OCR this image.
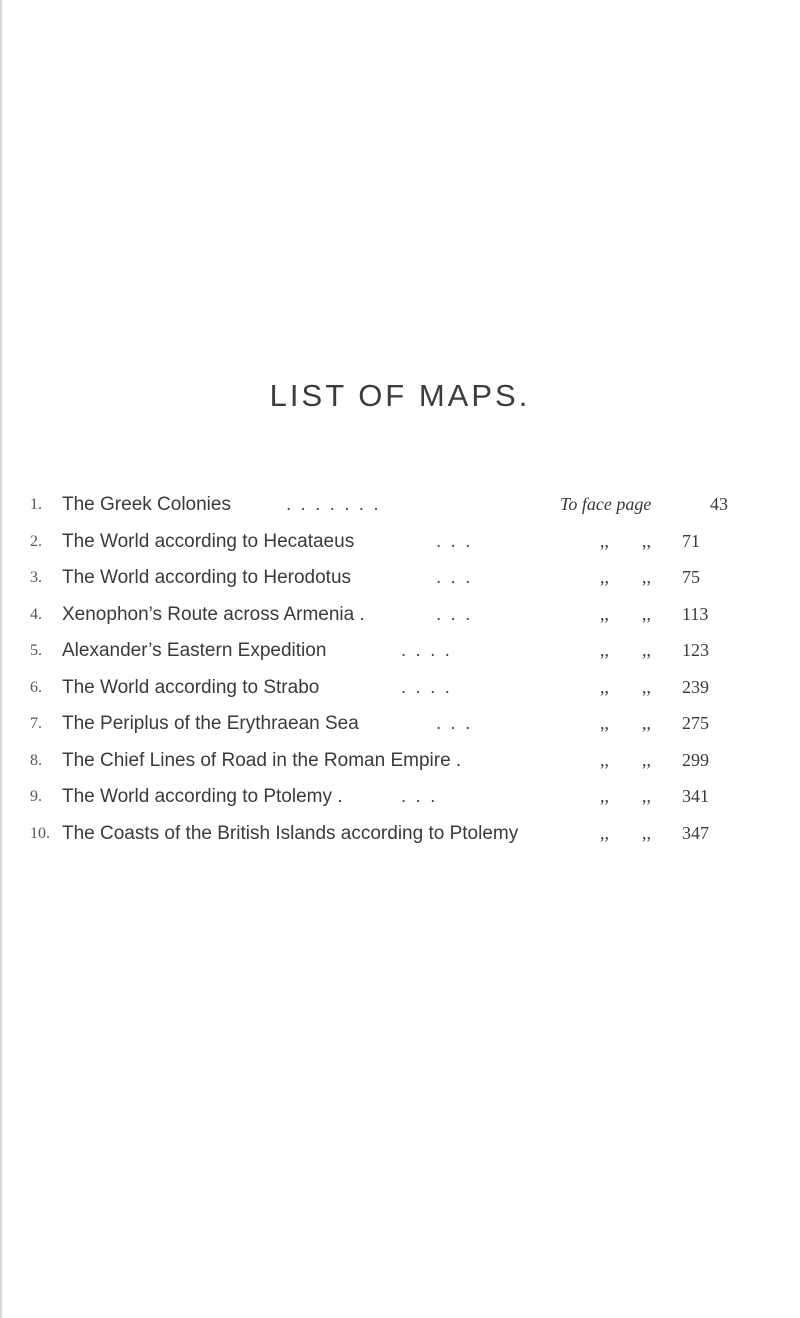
LIST OF MAPS.
1.	The Greek Colonies	. . . . . . .	To face page	43
2.	The World according to Hecataeus	. . .	,, ,, 71
3.	The World according to Herodotus	. . .	,, ,, 75
4.	Xenophon’s Route across Armenia .	. . .	,, ,, 113
5.	Alexander’s Eastern Expedition	. . . .	,, ,, 123
6.	The World according to Strabo	. . . .	,, ,, 239
7.	The Periplus of the Erythraean Sea	. . .	,, ,, 275
8.	The Chief Lines of Road in the Roman Empire .	,, ,, 299
9.	The World according to Ptolemy .	. . .	,, ,, 341
10. The Coasts of the British Islands according to Ptolemy	,, ,, 347
